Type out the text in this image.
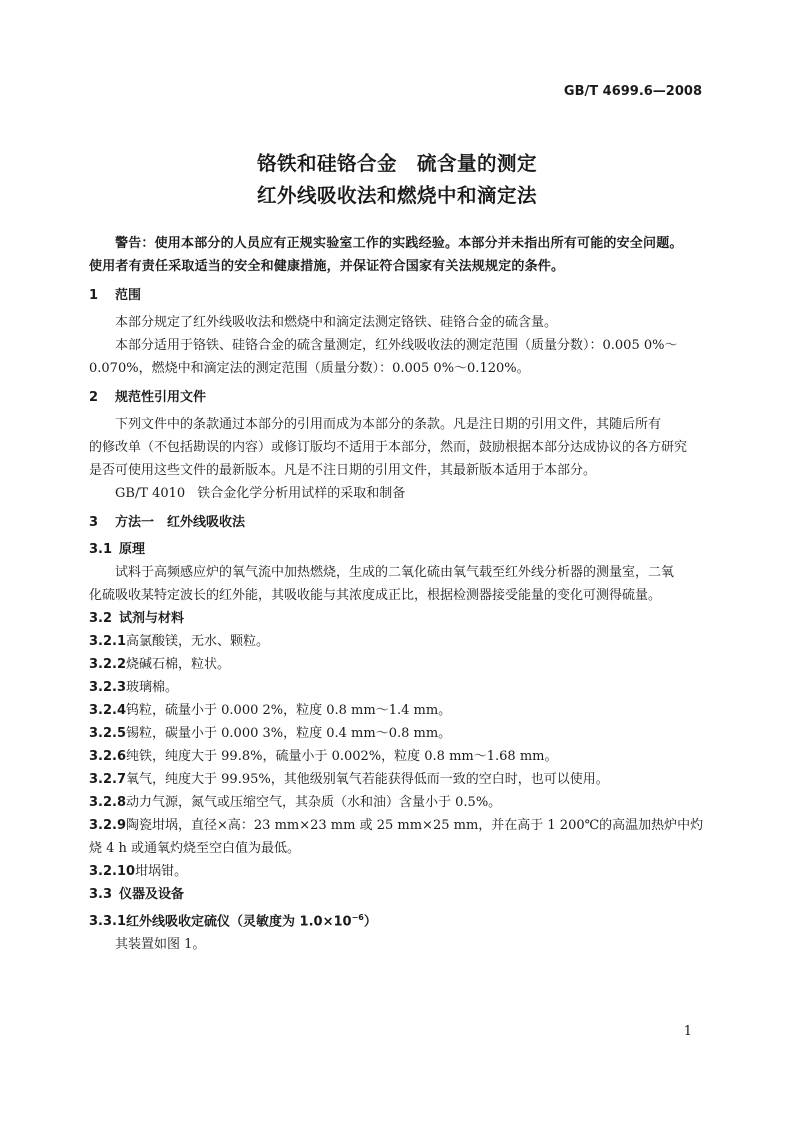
GB/T 4699.6—2008
铬铁和硅铬合金　硫含量的测定
红外线吸收法和燃烧中和滴定法

警告：使用本部分的人员应有正规实验室工作的实践经验。本部分并未指出所有可能的安全问题。

使用者有责任采取适当的安全和健康措施，并保证符合国家有关法规规定的条件。

1 范围

本部分规定了红外线吸收法和燃烧中和滴定法测定铬铁、硅铬合金的硫含量。

本部分适用于铬铁、硅铬合金的硫含量测定，红外线吸收法的测定范围（质量分数）：0.005 0%～

0.070%，燃烧中和滴定法的测定范围（质量分数）：0.005 0%～0.120%。

2 规范性引用文件

下列文件中的条款通过本部分的引用而成为本部分的条款。凡是注日期的引用文件，其随后所有

的修改单（不包括勘误的内容）或修订版均不适用于本部分，然而，鼓励根据本部分达成协议的各方研究

是否可使用这些文件的最新版本。凡是不注日期的引用文件，其最新版本适用于本部分。

GB/T 4010 铁合金化学分析用试样的采取和制备

3 方法一　红外线吸收法

3.1 原理

试料于高频感应炉的氧气流中加热燃烧，生成的二氧化硫由氧气载至红外线分析器的测量室，二氧

化硫吸收某特定波长的红外能，其吸收能与其浓度成正比，根据检测器接受能量的变化可测得硫量。

3.2 试剂与材料

3.2.1高氯酸镁，无水、颗粒。

3.2.2烧碱石棉，粒状。

3.2.3玻璃棉。

3.2.4钨粒，硫量小于 0.000 2%，粒度 0.8 mm～1.4 mm。

3.2.5锡粒，碳量小于 0.000 3%，粒度 0.4 mm～0.8 mm。

3.2.6纯铁，纯度大于 99.8%，硫量小于 0.002%，粒度 0.8 mm～1.68 mm。

3.2.7氧气，纯度大于 99.95%，其他级别氧气若能获得低而一致的空白时，也可以使用。

3.2.8动力气源，氮气或压缩空气，其杂质（水和油）含量小于 0.5%。

3.2.9陶瓷坩埚，直径×高：23 mm×23 mm 或 25 mm×25 mm，并在高于 1 200℃的高温加热炉中灼

烧 4 h 或通氧灼烧至空白值为最低。

3.2.10坩埚钳。

3.3 仪器及设备

3.3.1红外线吸收定硫仪（灵敏度为 $1.0\times 10^{-6}$）

其装置如图 1。

1
